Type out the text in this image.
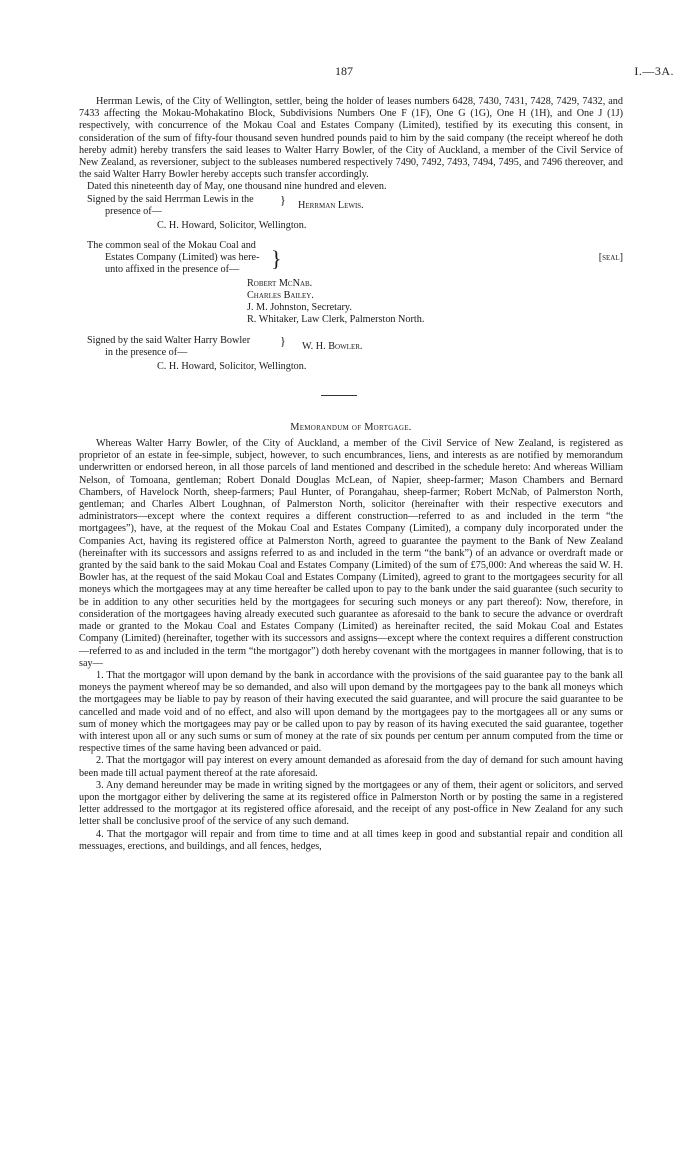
187	I.—3A.

Herrman Lewis, of the City of Wellington, settler, being the holder of leases numbers 6428, 7430, 7431, 7428, 7429, 7432, and 7433 affecting the Mokau-Mohakatino Block, Subdivisions Numbers One F (1F), One G (1G), One H (1H), and One J (1J) respectively, with concurrence of the Mokau Coal and Estates Company (Limited), testified by its executing this consent, in consideration of the sum of fifty-four thousand seven hundred pounds paid to him by the said company (the receipt whereof he doth hereby admit) hereby transfers the said leases to Walter Harry Bowler, of the City of Auckland, a member of the Civil Service of New Zealand, as reversioner, subject to the subleases numbered respectively 7490, 7492, 7493, 7494, 7495, and 7496 thereover, and the said Walter Harry Bowler hereby accepts such transfer accordingly.

Dated this nineteenth day of May, one thousand nine hundred and eleven.

Signed by the said Herrman Lewis in the
presence of—
} Herrman Lewis.
C. H. Howard, Solicitor, Wellington.
The common seal of the Mokau Coal and
Estates Company (Limited) was here-
unto affixed in the presence of—	}	[seal]
Robert McNab.
Charles Bailey.
J. M. Johnston, Secretary.
R. Whitaker, Law Clerk, Palmerston North.
Signed by the said Walter Harry Bowler
in the presence of—
} W. H. Bowler.
C. H. Howard, Solicitor, Wellington.

Memorandum of Mortgage.

Whereas Walter Harry Bowler, of the City of Auckland, a member of the Civil Service of New Zealand, is registered as proprietor of an estate in fee-simple, subject, however, to such encumbrances, liens, and interests as are notified by memorandum underwritten or endorsed hereon, in all those parcels of land mentioned and described in the schedule hereto: And whereas William Nelson, of Tomoana, gentleman; Robert Donald Douglas McLean, of Napier, sheep-farmer; Mason Chambers and Bernard Chambers, of Havelock North, sheep-farmers; Paul Hunter, of Porangahau, sheep-farmer; Robert McNab, of Palmerston North, gentleman; and Charles Albert Loughnan, of Palmerston North, solicitor (hereinafter with their respective executors and administrators—except where the context requires a different construction—referred to as and included in the term “the mortgagees”), have, at the request of the Mokau Coal and Estates Company (Limited), a company duly incorporated under the Companies Act, having its registered office at Palmerston North, agreed to guarantee the payment to the Bank of New Zealand (hereinafter with its successors and assigns referred to as and included in the term “the bank”) of an advance or overdraft made or granted by the said bank to the said Mokau Coal and Estates Company (Limited) of the sum of £75,000: And whereas the said W. H. Bowler has, at the request of the said Mokau Coal and Estates Company (Limited), agreed to grant to the mortgagees security for all moneys which the mortgagees may at any time hereafter be called upon to pay to the bank under the said guarantee (such security to be in addition to any other securities held by the mortgagees for securing such moneys or any part thereof): Now, therefore, in consideration of the mortgagees having already executed such guarantee as aforesaid to the bank to secure the advance or overdraft made or granted to the Mokau Coal and Estates Company (Limited) as hereinafter recited, the said Mokau Coal and Estates Company (Limited) (hereinafter, together with its successors and assigns—except where the context requires a different construction—referred to as and included in the term “the mortgagor”) doth hereby covenant with the mortgagees in manner following, that is to say—

1. That the mortgagor will upon demand by the bank in accordance with the provisions of the said guarantee pay to the bank all moneys the payment whereof may be so demanded, and also will upon demand by the mortgagees pay to the bank all moneys which the mortgagees may be liable to pay by reason of their having executed the said guarantee, and will procure the said guarantee to be cancelled and made void and of no effect, and also will upon demand by the mortgagees pay to the mortgagees all or any sums or sum of money which the mortgagees may pay or be called upon to pay by reason of its having executed the said guarantee, together with interest upon all or any such sums or sum of money at the rate of six pounds per centum per annum computed from the time or respective times of the same having been advanced or paid.

2. That the mortgagor will pay interest on every amount demanded as aforesaid from the day of demand for such amount having been made till actual payment thereof at the rate aforesaid.

3. Any demand hereunder may be made in writing signed by the mortgagees or any of them, their agent or solicitors, and served upon the mortgagor either by delivering the same at its registered office in Palmerston North or by posting the same in a registered letter addressed to the mortgagor at its registered office aforesaid, and the receipt of any post-office in New Zealand for any such letter shall be conclusive proof of the service of any such demand.

4. That the mortgagor will repair and from time to time and at all times keep in good and substantial repair and condition all messuages, erections, and buildings, and all fences, hedges,
